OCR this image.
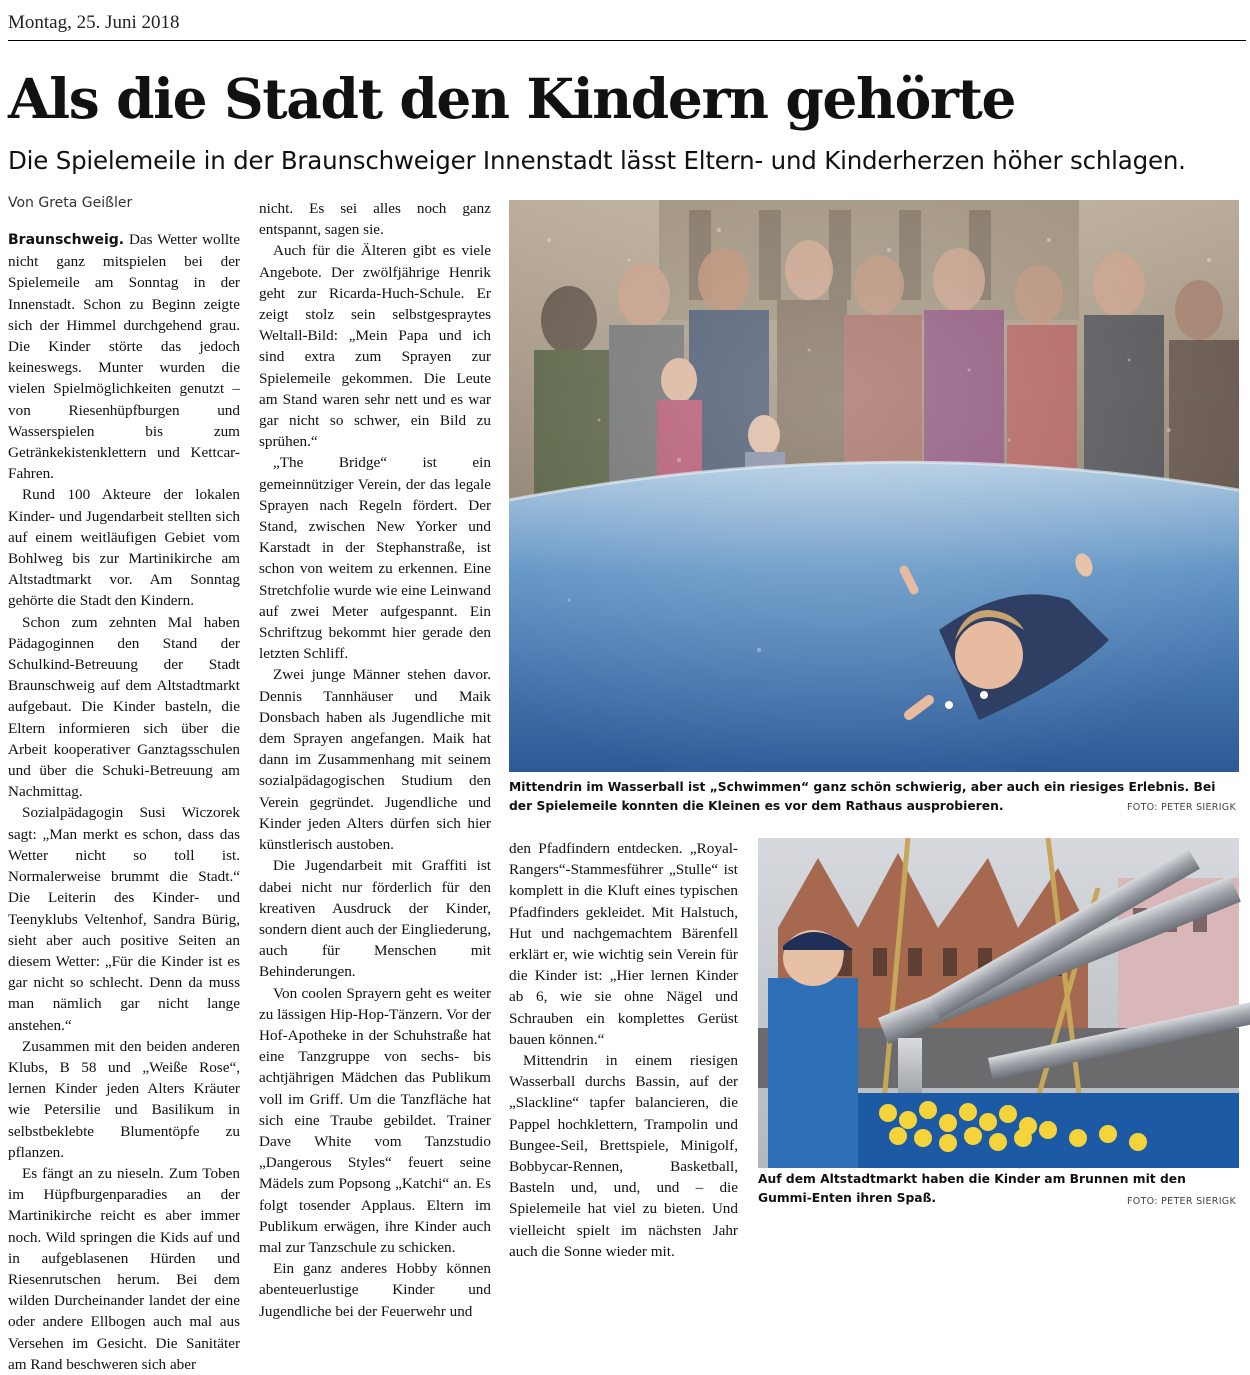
Montag, 25. Juni 2018
Als die Stadt den Kindern gehörte
Die Spielemeile in der Braunschweiger Innenstadt lässt Eltern- und Kinderherzen höher schlagen.
Von Greta Geißler

Braunschweig. Das Wetter wollte nicht ganz mitspielen bei der Spielemeile am Sonntag in der Innenstadt. Schon zu Beginn zeigte sich der Himmel durchgehend grau. Die Kinder störte das jedoch keineswegs. Munter wurden die vielen Spielmöglichkeiten genutzt – von Riesenhüpfburgen und Wasserspielen bis zum Getränkekistenklettern und Kettcar-Fahren.

Rund 100 Akteure der lokalen Kinder- und Jugendarbeit stellten sich auf einem weitläufigen Gebiet vom Bohlweg bis zur Martinikirche am Altstadtmarkt vor. Am Sonntag gehörte die Stadt den Kindern.

Schon zum zehnten Mal haben Pädagoginnen den Stand der Schulkind-Betreuung der Stadt Braunschweig auf dem Altstadtmarkt aufgebaut. Die Kinder basteln, die Eltern informieren sich über die Arbeit kooperativer Ganztagsschulen und über die Schuki-Betreuung am Nachmittag.

Sozialpädagogin Susi Wiczorek sagt: „Man merkt es schon, dass das Wetter nicht so toll ist. Normalerweise brummt die Stadt.“ Die Leiterin des Kinder- und Teenyklubs Veltenhof, Sandra Bürig, sieht aber auch positive Seiten an diesem Wetter: „Für die Kinder ist es gar nicht so schlecht. Denn da muss man nämlich gar nicht lange anstehen.“

Zusammen mit den beiden anderen Klubs, B 58 und „Weiße Rose“, lernen Kinder jeden Alters Kräuter wie Petersilie und Basilikum in selbstbeklebte Blumentöpfe zu pflanzen.

Es fängt an zu nieseln. Zum Toben im Hüpfburgenparadies an der Martinikirche reicht es aber immer noch. Wild springen die Kids auf und in aufgeblasenen Hürden und Riesenrutschen herum. Bei dem wilden Durcheinander landet der eine oder andere Ellbogen auch mal aus Versehen im Gesicht. Die Sanitäter am Rand beschweren sich aber

nicht. Es sei alles noch ganz entspannt, sagen sie.

Auch für die Älteren gibt es viele Angebote. Der zwölfjährige Henrik geht zur Ricarda-Huch-Schule. Er zeigt stolz sein selbstgespraytes Weltall-Bild: „Mein Papa und ich sind extra zum Sprayen zur Spielemeile gekommen. Die Leute am Stand waren sehr nett und es war gar nicht so schwer, ein Bild zu sprühen.“

„The Bridge“ ist ein gemeinnütziger Verein, der das legale Sprayen nach Regeln fördert. Der Stand, zwischen New Yorker und Karstadt in der Stephanstraße, ist schon von weitem zu erkennen. Eine Stretchfolie wurde wie eine Leinwand auf zwei Meter aufgespannt. Ein Schriftzug bekommt hier gerade den letzten Schliff.

Zwei junge Männer stehen davor. Dennis Tannhäuser und Maik Donsbach haben als Jugendliche mit dem Sprayen angefangen. Maik hat dann im Zusammenhang mit seinem sozialpädagogischen Studium den Verein gegründet. Jugendliche und Kinder jeden Alters dürfen sich hier künstlerisch austoben.

Die Jugendarbeit mit Graffiti ist dabei nicht nur förderlich für den kreativen Ausdruck der Kinder, sondern dient auch der Eingliederung, auch für Menschen mit Behinderungen.

Von coolen Sprayern geht es weiter zu lässigen Hip-Hop-Tänzern. Vor der Hof-Apotheke in der Schuhstraße hat eine Tanzgruppe von sechs- bis achtjährigen Mädchen das Publikum voll im Griff. Um die Tanzfläche hat sich eine Traube gebildet. Trainer Dave White vom Tanzstudio „Dangerous Styles“ feuert seine Mädels zum Popsong „Katchi“ an. Es folgt tosender Applaus. Eltern im Publikum erwägen, ihre Kinder auch mal zur Tanzschule zu schicken.

Ein ganz anderes Hobby können abenteuerlustige Kinder und Jugendliche bei der Feuerwehr und

Mittendrin im Wasserball ist „Schwimmen“ ganz schön schwierig, aber auch ein riesiges Erlebnis. Bei der Spielemeile konnten die Kleinen es vor dem Rathaus ausprobieren.	FOTO: PETER SIERIGK

den Pfadfindern entdecken. „Royal-Rangers“-Stammesführer „Stulle“ ist komplett in die Kluft eines typischen Pfadfinders gekleidet. Mit Halstuch, Hut und nachgemachtem Bärenfell erklärt er, wie wichtig sein Verein für die Kinder ist: „Hier lernen Kinder ab 6, wie sie ohne Nägel und Schrauben ein komplettes Gerüst bauen können.“

Mittendrin in einem riesigen Wasserball durchs Bassin, auf der „Slackline“ tapfer balancieren, die Pappel hochklettern, Trampolin und Bungee-Seil, Brettspiele, Minigolf, Bobbycar-Rennen, Basketball, Basteln und, und, und – die Spielemeile hat viel zu bieten. Und vielleicht spielt im nächsten Jahr auch die Sonne wieder mit.

Auf dem Altstadtmarkt haben die Kinder am Brunnen mit den Gummi-Enten ihren Spaß.	FOTO: PETER SIERIGK
